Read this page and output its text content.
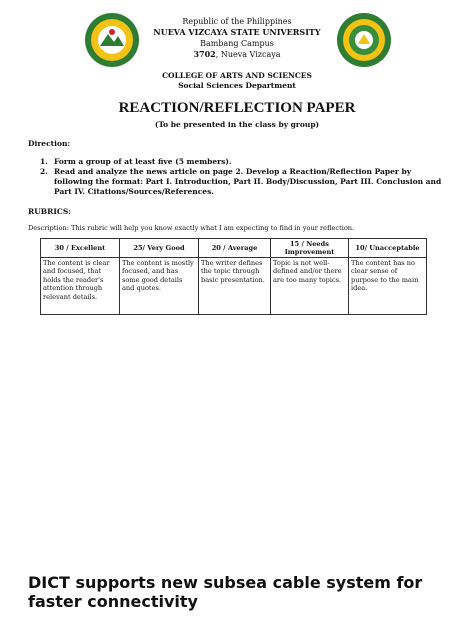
Republic of the Philippines
NUEVA VIZCAYA STATE UNIVERSITY
Bambang Campus
3702, Nueva Vizcaya
COLLEGE OF ARTS AND SCIENCES
Social Sciences Department
REACTION/REFLECTION PAPER
(To be presented in the class by group)
Direction:
1. Form a group of at least five (5 members).
2. Read and analyze the news article on page 2. Develop a Reaction/Reflection Paper by following the format: Part I. Introduction, Part II. Body/Discussion, Part III. Conclusion and Part IV. Citations/Sources/References.
RUBRICS:
Description: This rubric will help you know exactly what I am expecting to find in your reflection.
30 / Excellent	25/ Very Good	20 / Average	15 / Needs Improvement	10/ Unacceptable
The content is clear and focused, that holds the reader's attention through relevant details.	The content is mostly focused, and has some good details and quotes.	The writer defines the topic through basic presentation.	Topic is not well-defined and/or there are too many topics.	The content has no clear sense of purpose to the main idea.
DICT supports new subsea cable system for faster connectivity
